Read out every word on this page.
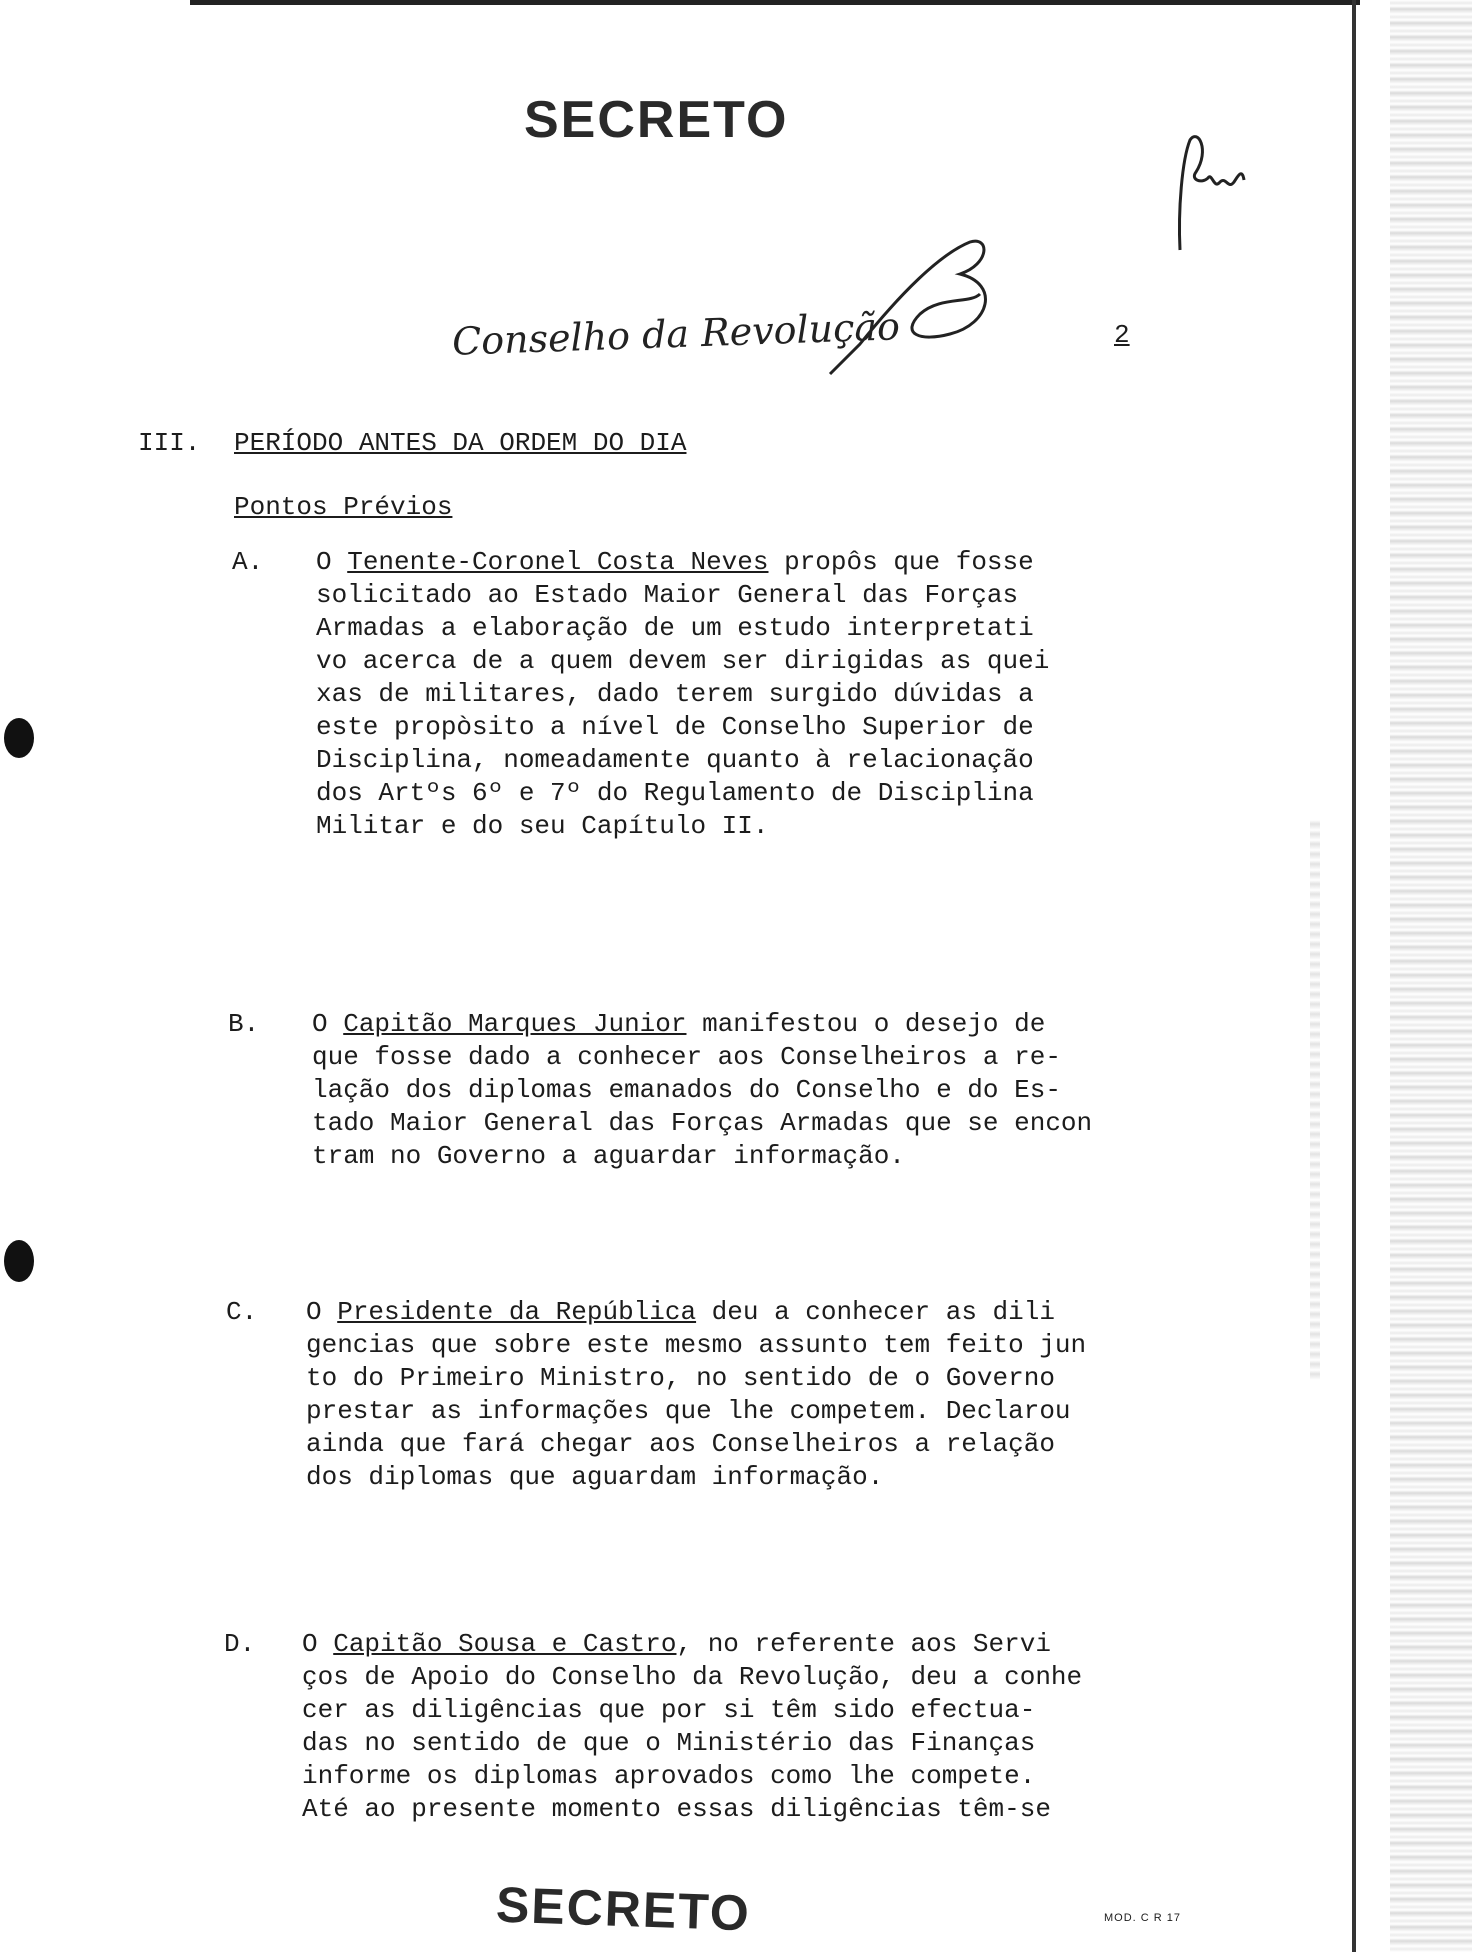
SECRETO
Conselho da Revolução	2
III. PERÍODO ANTES DA ORDEM DO DIA
Pontos Prévios
A. O Tenente-Coronel Costa Neves propôs que fosse
solicitado ao Estado Maior General das Forças
Armadas a elaboração de um estudo interpretati
vo acerca de a quem devem ser dirigidas as quei
xas de militares, dado terem surgido dúvidas a
este propòsito a nível de Conselho Superior de
Disciplina, nomeadamente quanto à relacionação
dos Artºs 6º e 7º do Regulamento de Disciplina
Militar e do seu Capítulo II.
B. O Capitão Marques Junior manifestou o desejo de
que fosse dado a conhecer aos Conselheiros a re-
lação dos diplomas emanados do Conselho e do Es-
tado Maior General das Forças Armadas que se encon
tram no Governo a aguardar informação.
C. O Presidente da República deu a conhecer as dili
gencias que sobre este mesmo assunto tem feito jun
to do Primeiro Ministro, no sentido de o Governo
prestar as informações que lhe competem. Declarou
ainda que fará chegar aos Conselheiros a relação
dos diplomas que aguardam informação.
D. O Capitão Sousa e Castro, no referente aos Servi
ços de Apoio do Conselho da Revolução, deu a conhe
cer as diligências que por si têm sido efectua-
das no sentido de que o Ministério das Finanças
informe os diplomas aprovados como lhe compete.
Até ao presente momento essas diligências têm-se
SECRETO	MOD. C R 17
